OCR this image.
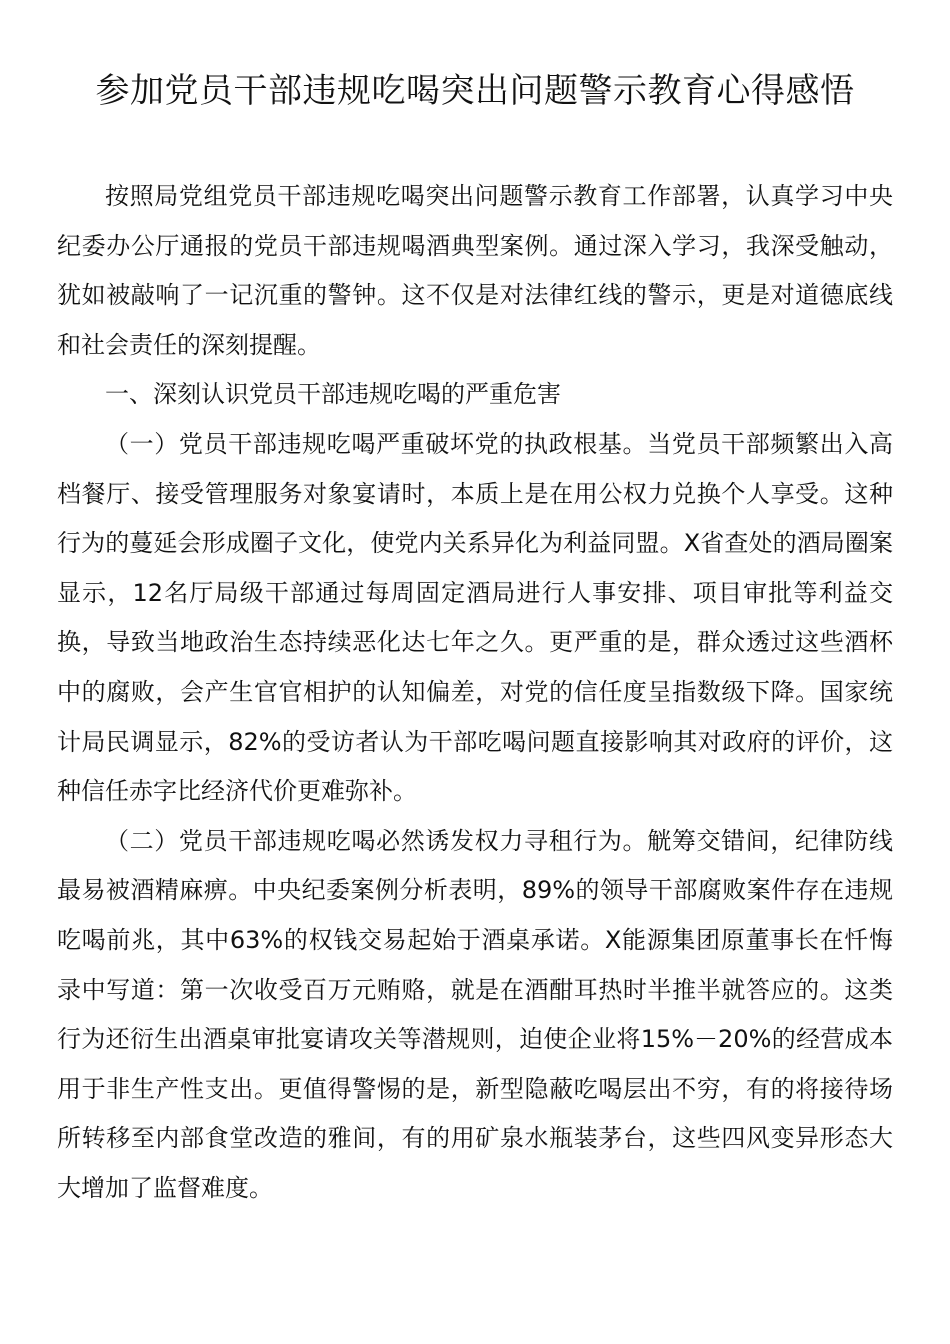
参加党员干部违规吃喝突出问题警示教育心得感悟

按照局党组党员干部违规吃喝突出问题警示教育工作部署，认真学习中央纪委办公厅通报的党员干部违规喝酒典型案例。通过深入学习，我深受触动，犹如被敲响了一记沉重的警钟。这不仅是对法律红线的警示，更是对道德底线和社会责任的深刻提醒。

一、深刻认识党员干部违规吃喝的严重危害

（一）党员干部违规吃喝严重破坏党的执政根基。当党员干部频繁出入高档餐厅、接受管理服务对象宴请时，本质上是在用公权力兑换个人享受。这种行为的蔓延会形成圈子文化，使党内关系异化为利益同盟。X省查处的酒局圈案显示，12名厅局级干部通过每周固定酒局进行人事安排、项目审批等利益交换，导致当地政治生态持续恶化达七年之久。更严重的是，群众透过这些酒杯中的腐败，会产生官官相护的认知偏差，对党的信任度呈指数级下降。国家统计局民调显示，82%的受访者认为干部吃喝问题直接影响其对政府的评价，这种信任赤字比经济代价更难弥补。

（二）党员干部违规吃喝必然诱发权力寻租行为。觥筹交错间，纪律防线最易被酒精麻痹。中央纪委案例分析表明，89%的领导干部腐败案件存在违规吃喝前兆，其中63%的权钱交易起始于酒桌承诺。X能源集团原董事长在忏悔录中写道：第一次收受百万元贿赂，就是在酒酣耳热时半推半就答应的。这类行为还衍生出酒桌审批宴请攻关等潜规则，迫使企业将15%－20%的经营成本用于非生产性支出。更值得警惕的是，新型隐蔽吃喝层出不穷，有的将接待场所转移至内部食堂改造的雅间，有的用矿泉水瓶装茅台，这些四风变异形态大大增加了监督难度。
